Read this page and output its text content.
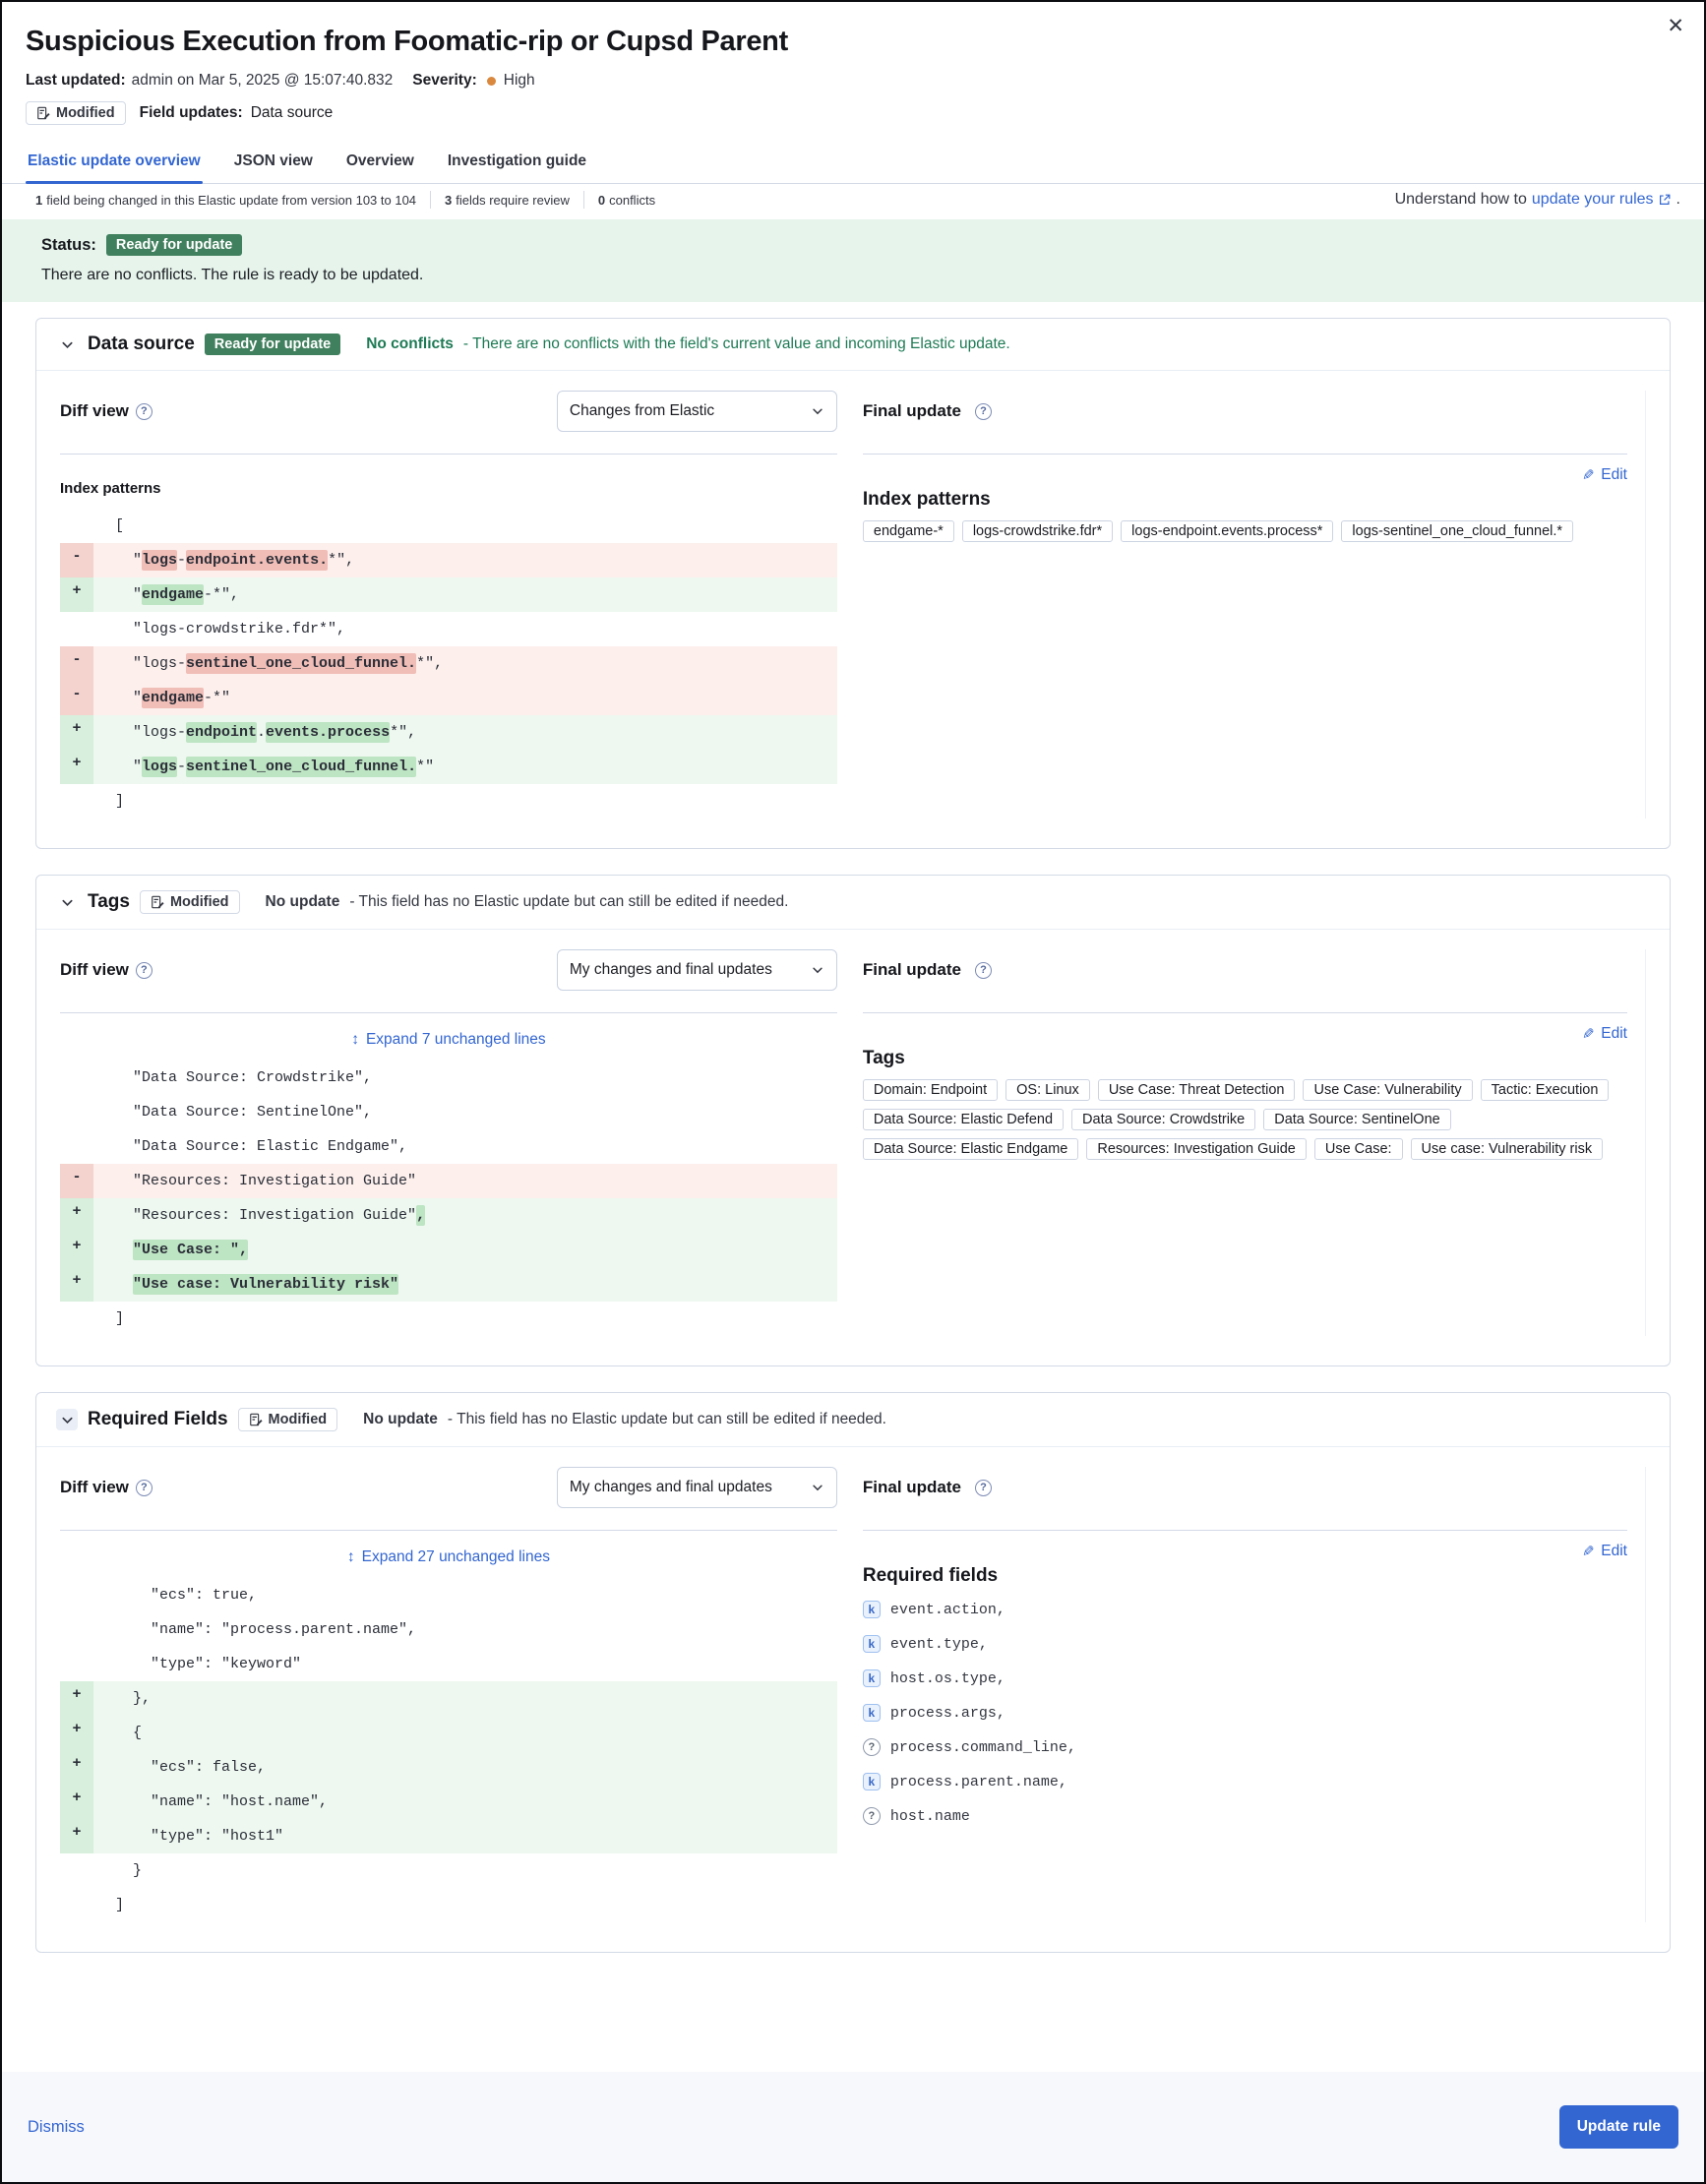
✕
Suspicious Execution from Foomatic-rip or Cupsd Parent
Last updated: admin on Mar 5, 2025 @ 15:07:40.832 Severity: High
Modified Field updates: Data source
Elastic update overview JSON view Overview Investigation guide
1 field being changed in this Elastic update from version 103 to 104 3 fields require review 0 conflicts	Understand how to update your rules .
Status:	Ready for update
There are no conflicts. The rule is ready to be updated.
Data source	Ready for update	No conflicts - There are no conflicts with the field's current value and incoming Elastic update.
Diff view	?	Changes from Elastic
Index patterns
[
-	"logs-endpoint.events.*",
+	"endgame-*",
"logs-crowdstrike.fdr*",
-	"logs-sentinel_one_cloud_funnel.*",
-	"endgame-*"
+	"logs-endpoint.events.process*",
+	"logs-sentinel_one_cloud_funnel.*"
]
Final update	?
✎ Edit
Index patterns
endgame-*	logs-crowdstrike.fdr*	logs-endpoint.events.process*	logs-sentinel_one_cloud_funnel.*
Tags	Modified No update - This field has no Elastic update but can still be edited if needed.
Diff view	?	My changes and final updates
↕ Expand 7 unchanged lines
"Data Source: Crowdstrike",
"Data Source: SentinelOne",
"Data Source: Elastic Endgame",
-	"Resources: Investigation Guide"
+	"Resources: Investigation Guide",
+	"Use Case: ",
+	"Use case: Vulnerability risk"
]
Final update	?
✎ Edit
Tags
Domain: Endpoint	OS: Linux	Use Case: Threat Detection	Use Case: Vulnerability	Tactic: Execution
Data Source: Elastic Defend	Data Source: Crowdstrike	Data Source: SentinelOne
Data Source: Elastic Endgame	Resources: Investigation Guide	Use Case:	Use case: Vulnerability risk
Required Fields	Modified No update - This field has no Elastic update but can still be edited if needed.
Diff view	?	My changes and final updates
↕ Expand 27 unchanged lines
"ecs": true,
"name": "process.parent.name",
"type": "keyword"
+	},
+	{
+	"ecs": false,
+	"name": "host.name",
+	"type": "host1"
}
]
Final update	?
✎ Edit
Required fields
k	event.action,
k	event.type,
k	host.os.type,
k	process.args,
?	process.command_line,
k	process.parent.name,
?	host.name
Dismiss	Update rule
